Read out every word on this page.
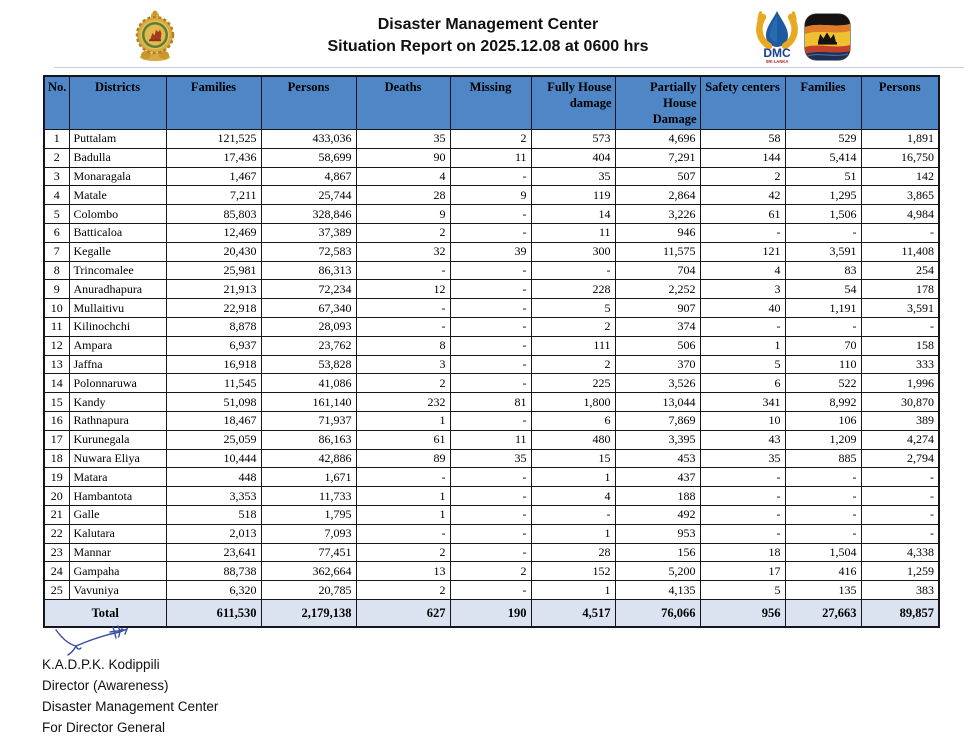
Disaster Management Center
Situation Report on 2025.12.08 at 0600 hrs	DMC
SRI LANKA
No.	Districts	Families	Persons	Deaths	Missing	Fully House damage	Partially House Damage	Safety centers	Families	Persons
1	Puttalam	121,525	433,036	35	2	573	4,696	58	529	1,891
2	Badulla	17,436	58,699	90	11	404	7,291	144	5,414	16,750
3	Monaragala	1,467	4,867	4	-	35	507	2	51	142
4	Matale	7,211	25,744	28	9	119	2,864	42	1,295	3,865
5	Colombo	85,803	328,846	9	-	14	3,226	61	1,506	4,984
6	Batticaloa	12,469	37,389	2	-	11	946	-	-	-
7	Kegalle	20,430	72,583	32	39	300	11,575	121	3,591	11,408
8	Trincomalee	25,981	86,313	-	-	-	704	4	83	254
9	Anuradhapura	21,913	72,234	12	-	228	2,252	3	54	178
10	Mullaitivu	22,918	67,340	-	-	5	907	40	1,191	3,591
11	Kilinochchi	8,878	28,093	-	-	2	374	-	-	-
12	Ampara	6,937	23,762	8	-	111	506	1	70	158
13	Jaffna	16,918	53,828	3	-	2	370	5	110	333
14	Polonnaruwa	11,545	41,086	2	-	225	3,526	6	522	1,996
15	Kandy	51,098	161,140	232	81	1,800	13,044	341	8,992	30,870
16	Rathnapura	18,467	71,937	1	-	6	7,869	10	106	389
17	Kurunegala	25,059	86,163	61	11	480	3,395	43	1,209	4,274
18	Nuwara Eliya	10,444	42,886	89	35	15	453	35	885	2,794
19	Matara	448	1,671	-	-	1	437	-	-	-
20	Hambantota	3,353	11,733	1	-	4	188	-	-	-
21	Galle	518	1,795	1	-	-	492	-	-	-
22	Kalutara	2,013	7,093	-	-	1	953	-	-	-
23	Mannar	23,641	77,451	2	-	28	156	18	1,504	4,338
24	Gampaha	88,738	362,664	13	2	152	5,200	17	416	1,259
25	Vavuniya	6,320	20,785	2	-	1	4,135	5	135	383
Total		611,530	2,179,138	627	190	4,517	76,066	956	27,663	89,857
K.A.D.P.K. Kodippili
Director (Awareness)
Disaster Management Center
For Director General
